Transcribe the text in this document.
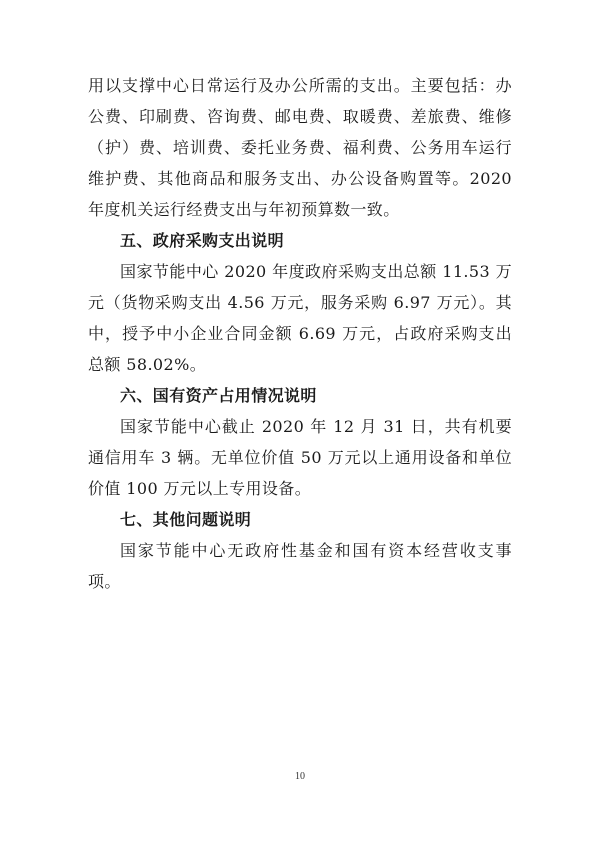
用以支撑中心日常运行及办公所需的支出。主要包括：办公费、印刷费、咨询费、邮电费、取暖费、差旅费、维修（护）费、培训费、委托业务费、福利费、公务用车运行维护费、其他商品和服务支出、办公设备购置等。2020 年度机关运行经费支出与年初预算数一致。

五、政府采购支出说明

国家节能中心 2020 年度政府采购支出总额 11.53 万元（货物采购支出 4.56 万元，服务采购 6.97 万元）。其中，授予中小企业合同金额 6.69 万元，占政府采购支出总额 58.02%。

六、国有资产占用情况说明

国家节能中心截止 2020 年 12 月 31 日，共有机要通信用车 3 辆。无单位价值 50 万元以上通用设备和单位价值 100 万元以上专用设备。

七、其他问题说明

国家节能中心无政府性基金和国有资本经营收支事项。

10
